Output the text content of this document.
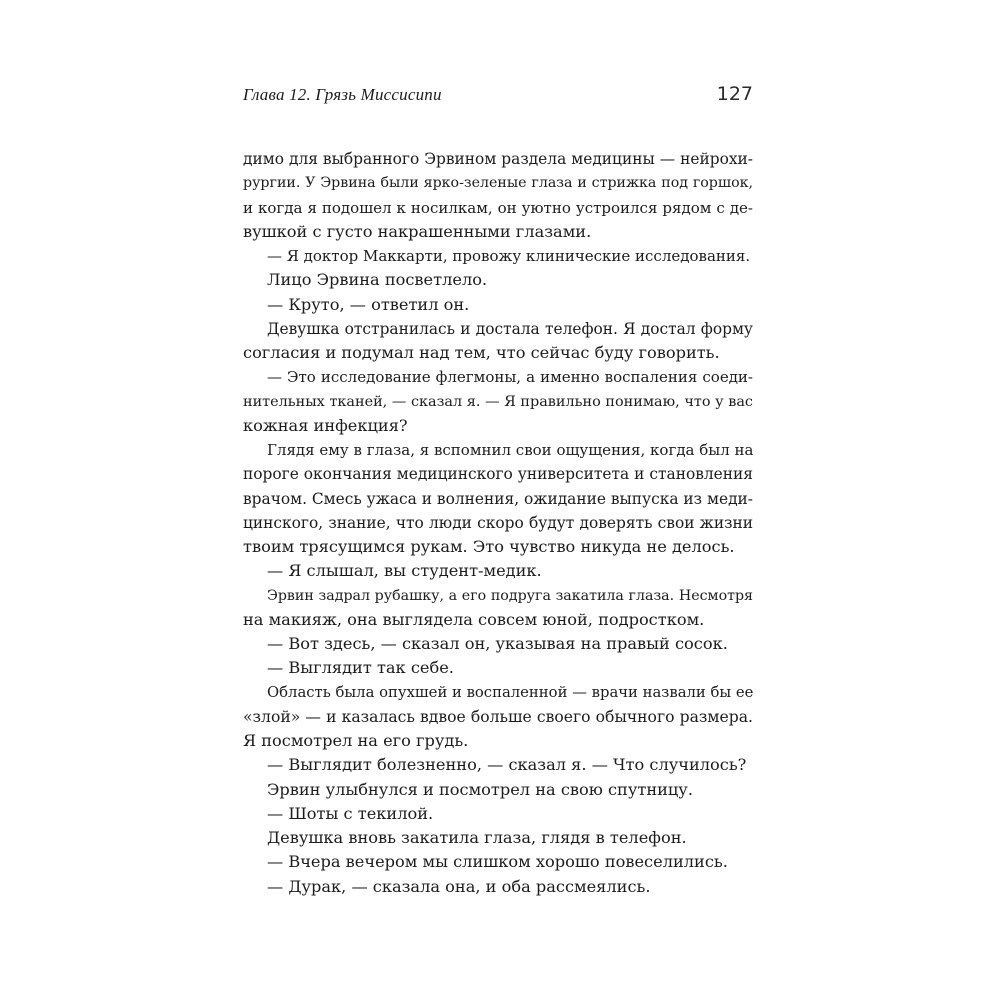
Глава 12. Грязь Миссисипи	127
димо для выбранного Эрвином раздела медицины — нейрохи-
рургии. У Эрвина были ярко-зеленые глаза и стрижка под горшок,
и когда я подошел к носилкам, он уютно устроился рядом с де-
вушкой с густо накрашенными глазами.
— Я доктор Маккарти, провожу клинические исследования.
Лицо Эрвина посветлело.
— Круто, — ответил он.
Девушка отстранилась и достала телефон. Я достал форму
согласия и подумал над тем, что сейчас буду говорить.
— Это исследование флегмоны, а именно воспаления соеди-
нительных тканей, — сказал я. — Я правильно понимаю, что у вас
кожная инфекция?
Глядя ему в глаза, я вспомнил свои ощущения, когда был на
пороге окончания медицинского университета и становления
врачом. Смесь ужаса и волнения, ожидание выпуска из меди-
цинского, знание, что люди скоро будут доверять свои жизни
твоим трясущимся рукам. Это чувство никуда не делось.
— Я слышал, вы студент-медик.
Эрвин задрал рубашку, а его подруга закатила глаза. Несмотря
на макияж, она выглядела совсем юной, подростком.
— Вот здесь, — сказал он, указывая на правый сосок.
— Выглядит так себе.
Область была опухшей и воспаленной — врачи назвали бы ее
«злой» — и казалась вдвое больше своего обычного размера.
Я посмотрел на его грудь.
— Выглядит болезненно, — сказал я. — Что случилось?
Эрвин улыбнулся и посмотрел на свою спутницу.
— Шоты с текилой.
Девушка вновь закатила глаза, глядя в телефон.
— Вчера вечером мы слишком хорошо повеселились.
— Дурак, — сказала она, и оба рассмеялись.
